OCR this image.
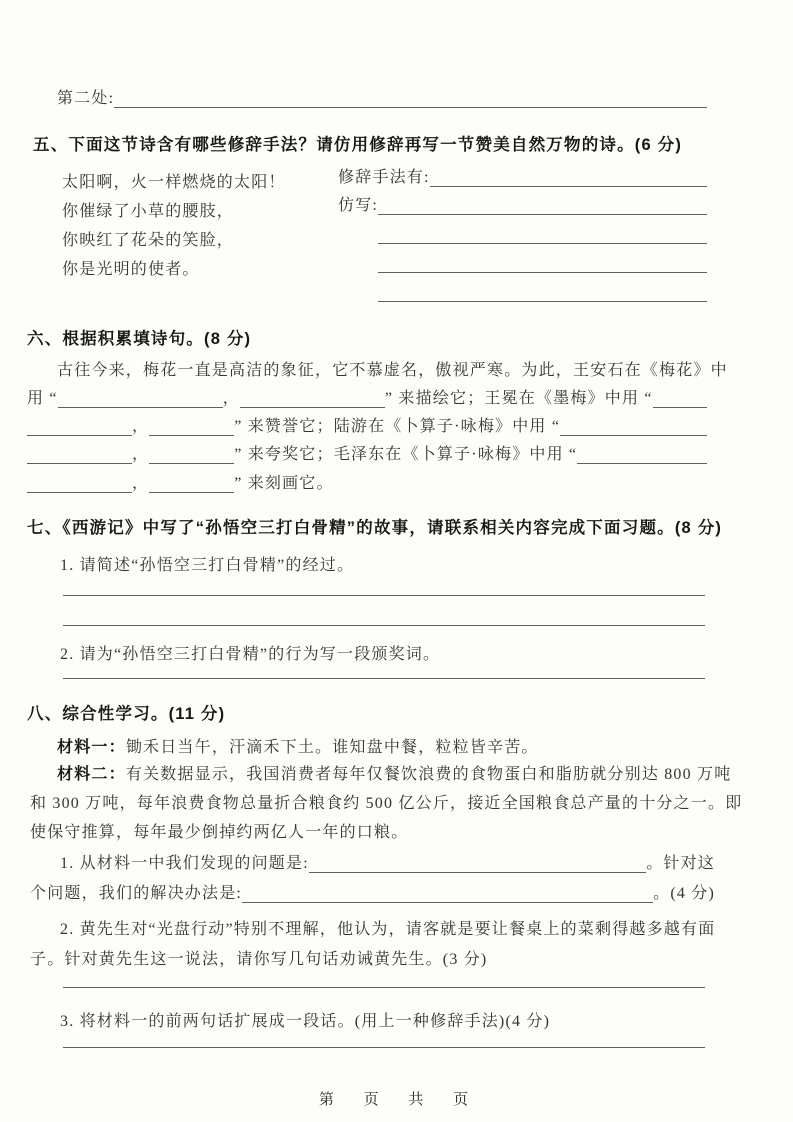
第二处:
五、下面这节诗含有哪些修辞手法？请仿用修辞再写一节赞美自然万物的诗。(6 分)
太阳啊，火一样燃烧的太阳！
你催绿了小草的腰肢，
你映红了花朵的笑脸，
你是光明的使者。
修辞手法有:
仿写:
六、根据积累填诗句。(8 分)
古往今来，梅花一直是高洁的象征，它不慕虚名，傲视严寒。为此，王安石在《梅花》中
用 “	，	” 来描绘它；王冕在《墨梅》中用 “
，	” 来赞誉它；陆游在《卜算子·咏梅》中用 “
，	” 来夸奖它；毛泽东在《卜算子·咏梅》中用 “
，	” 来刻画它。
七、《西游记》中写了“孙悟空三打白骨精”的故事，请联系相关内容完成下面习题。(8 分)
1. 请简述“孙悟空三打白骨精”的经过。
2. 请为“孙悟空三打白骨精”的行为写一段颁奖词。
八、综合性学习。(11 分)
材料一：锄禾日当午，汗滴禾下土。谁知盘中餐，粒粒皆辛苦。
材料二：有关数据显示，我国消费者每年仅餐饮浪费的食物蛋白和脂肪就分别达 800 万吨
和 300 万吨，每年浪费食物总量折合粮食约 500 亿公斤，接近全国粮食总产量的十分之一。即
使保守推算，每年最少倒掉约两亿人一年的口粮。
1. 从材料一中我们发现的问题是:	。针对这
个问题，我们的解决办法是:	。(4 分)
2. 黄先生对“光盘行动”特别不理解，他认为，请客就是要让餐桌上的菜剩得越多越有面
子。针对黄先生这一说法，请你写几句话劝诫黄先生。(3 分)
3. 将材料一的前两句话扩展成一段话。(用上一种修辞手法)(4 分)
第 页 共 页
